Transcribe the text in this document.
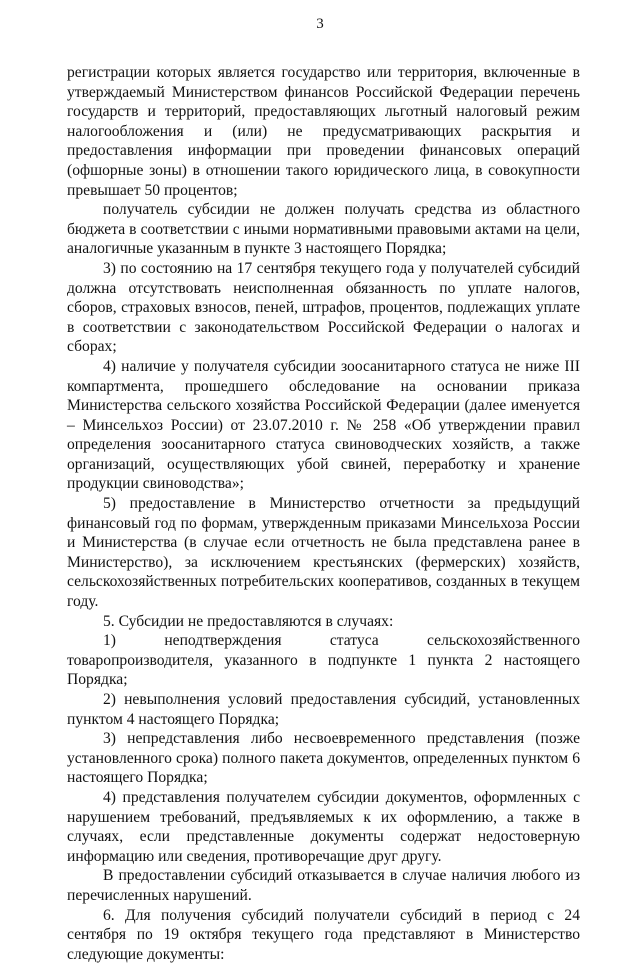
3

регистрации которых является государство или территория, включенные в утверждаемый Министерством финансов Российской Федерации перечень государств и территорий, предоставляющих льготный налоговый режим налогообложения и (или) не предусматривающих раскрытия и предоставления информации при проведении финансовых операций (офшорные зоны) в отношении такого юридического лица, в совокупности превышает 50 процентов;

получатель субсидии не должен получать средства из областного бюджета в соответствии с иными нормативными правовыми актами на цели, аналогичные указанным в пункте 3 настоящего Порядка;

3) по состоянию на 17 сентября текущего года у получателей субсидий должна отсутствовать неисполненная обязанность по уплате налогов, сборов, страховых взносов, пеней, штрафов, процентов, подлежащих уплате в соответствии с законодательством Российской Федерации о налогах и сборах;

4) наличие у получателя субсидии зоосанитарного статуса не ниже III компартмента, прошедшего обследование на основании приказа Министерства сельского хозяйства Российской Федерации (далее именуется – Минсельхоз России) от 23.07.2010 г. № 258 «Об утверждении правил определения зоосанитарного статуса свиноводческих хозяйств, а также организаций, осуществляющих убой свиней, переработку и хранение продукции свиноводства»;

5) предоставление в Министерство отчетности за предыдущий финансовый год по формам, утвержденным приказами Минсельхоза России и Министерства (в случае если отчетность не была представлена ранее в Министерство), за исключением крестьянских (фермерских) хозяйств, сельскохозяйственных потребительских кооперативов, созданных в текущем году.

5. Субсидии не предоставляются в случаях:

1) неподтверждения статуса сельскохозяйственного товаропроизводителя, указанного в подпункте 1 пункта 2 настоящего Порядка;

2) невыполнения условий предоставления субсидий, установленных пунктом 4 настоящего Порядка;

3) непредставления либо несвоевременного представления (позже установленного срока) полного пакета документов, определенных пунктом 6 настоящего Порядка;

4) представления получателем субсидии документов, оформленных с нарушением требований, предъявляемых к их оформлению, а также в случаях, если представленные документы содержат недостоверную информацию или сведения, противоречащие друг другу.

В предоставлении субсидий отказывается в случае наличия любого из перечисленных нарушений.

6. Для получения субсидий получатели субсидий в период с 24 сентября по 19 октября текущего года представляют в Министерство следующие документы:
